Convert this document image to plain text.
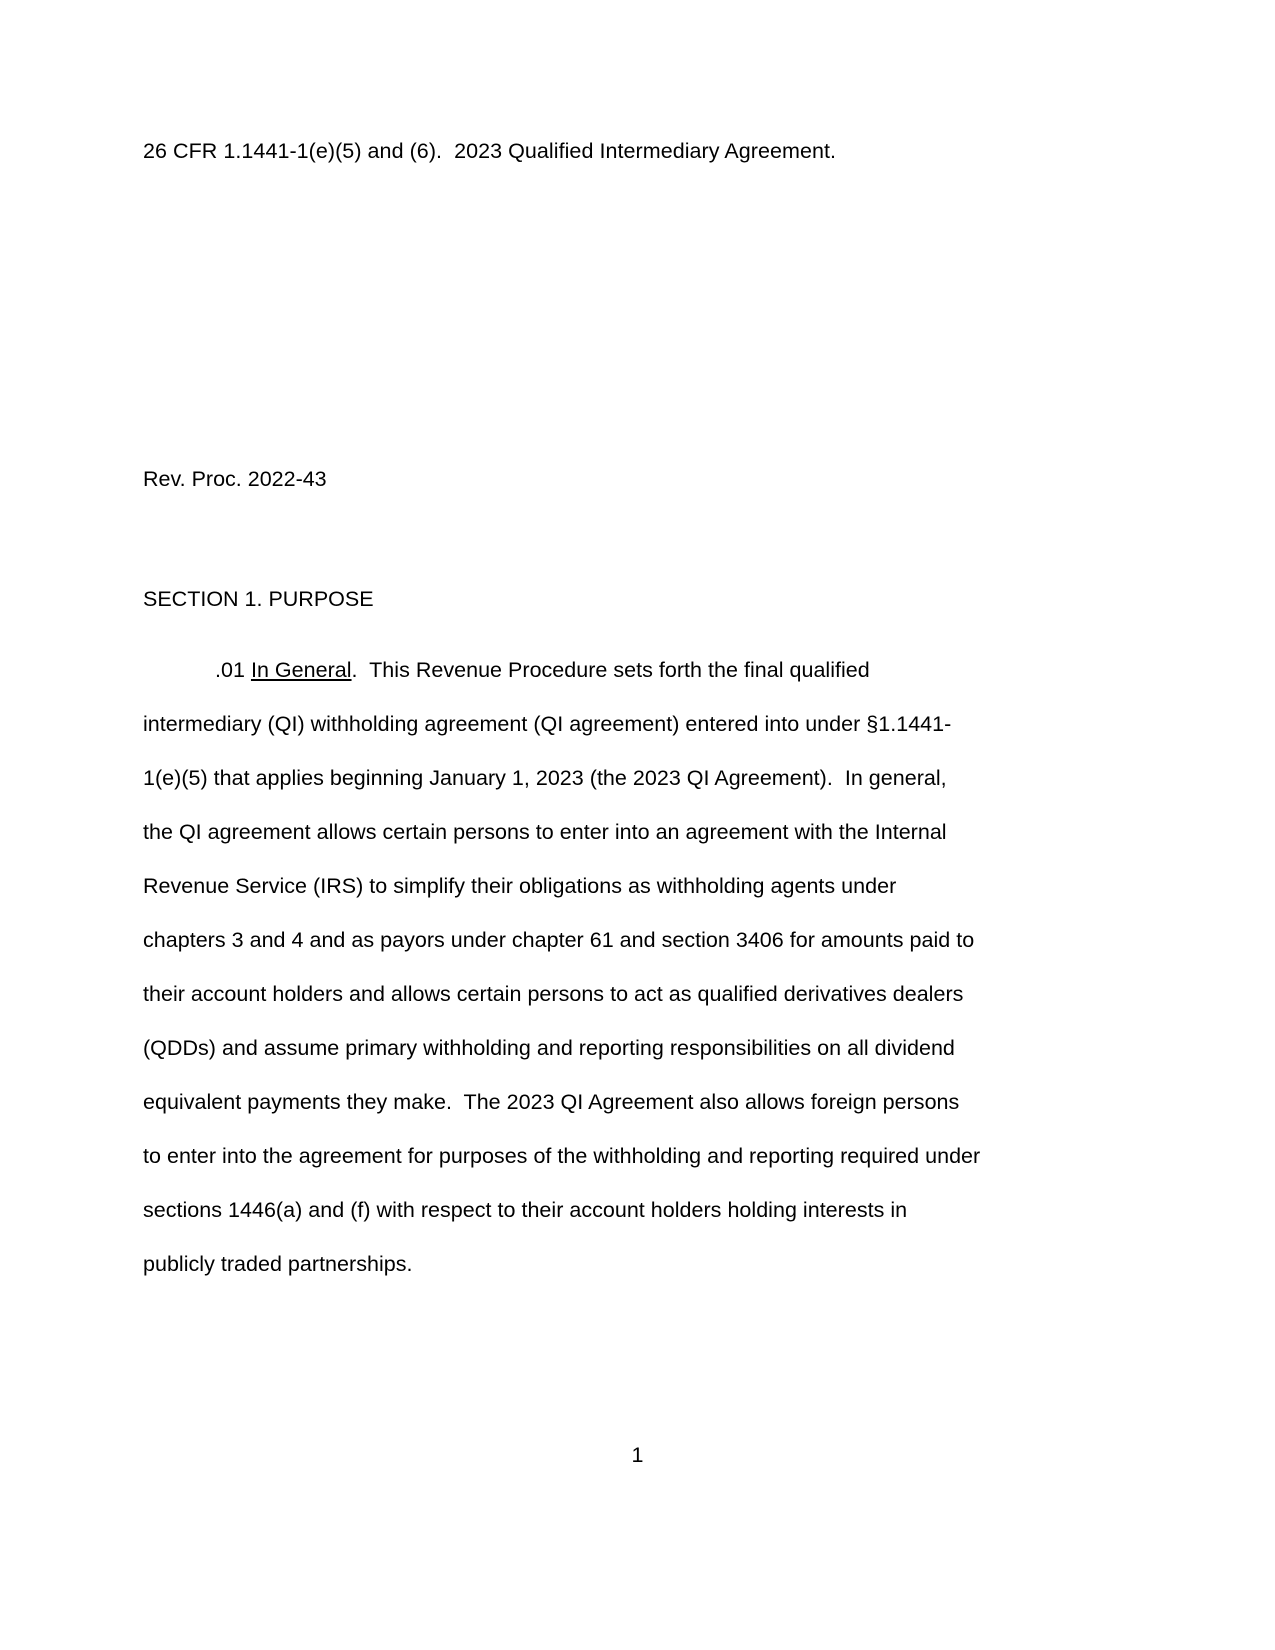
26 CFR 1.1441-1(e)(5) and (6).  2023 Qualified Intermediary Agreement.
Rev. Proc. 2022-43
SECTION 1. PURPOSE
.01 In General.  This Revenue Procedure sets forth the final qualified
intermediary (QI) withholding agreement (QI agreement) entered into under §1.1441-
1(e)(5) that applies beginning January 1, 2023 (the 2023 QI Agreement).  In general,
the QI agreement allows certain persons to enter into an agreement with the Internal
Revenue Service (IRS) to simplify their obligations as withholding agents under
chapters 3 and 4 and as payors under chapter 61 and section 3406 for amounts paid to
their account holders and allows certain persons to act as qualified derivatives dealers
(QDDs) and assume primary withholding and reporting responsibilities on all dividend
equivalent payments they make.  The 2023 QI Agreement also allows foreign persons
to enter into the agreement for purposes of the withholding and reporting required under
sections 1446(a) and (f) with respect to their account holders holding interests in
publicly traded partnerships.
1
